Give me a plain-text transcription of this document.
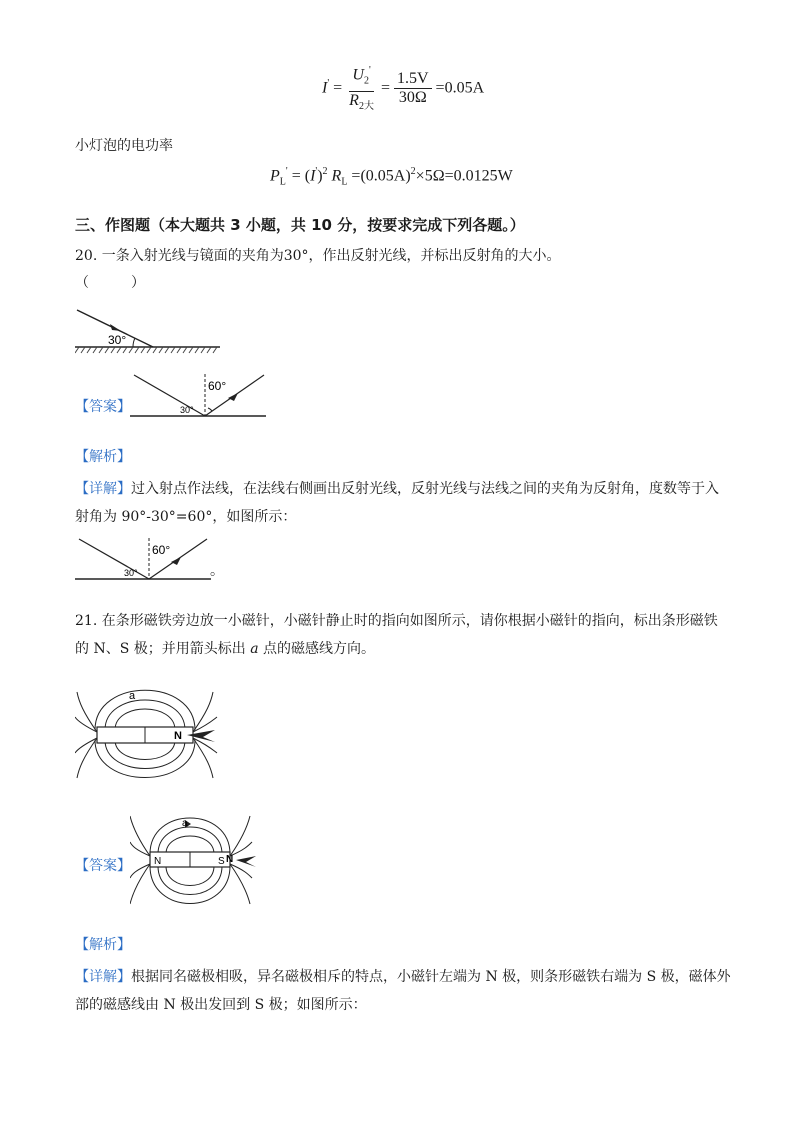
$I' = \frac{U_2'}{R_{2大}} = \frac{1.5V}{30\Omega} =0.05A$
小灯泡的电功率
$P_L' = (I')^2$ $R_L =(0.05A)^2\times 5\Omega=0.0125W$
三、作图题（本大题共 3 小题，共 10 分，按要求完成下列各题。）
20. 一条入射光线与镜面的夹角为30°，作出反射光线，并标出反射角的大小。
（　　　）
30°
【答案】
60°
30°
【解析】
【详解】过入射点作法线，在法线右侧画出反射光线，反射光线与法线之间的夹角为反射角，度数等于入
射角为 90°-30°=60°，如图所示：
60°
30°	。
21. 在条形磁铁旁边放一小磁针，小磁针静止时的指向如图所示，请你根据小磁针的指向，标出条形磁铁
的 N、S 极；并用箭头标出 a 点的磁感线方向。
a
N
【答案】
a
N	S N
【解析】
【详解】根据同名磁极相吸，异名磁极相斥的特点，小磁针左端为 N 极，则条形磁铁右端为 S 极，磁体外
部的磁感线由 N 极出发回到 S 极；如图所示：
